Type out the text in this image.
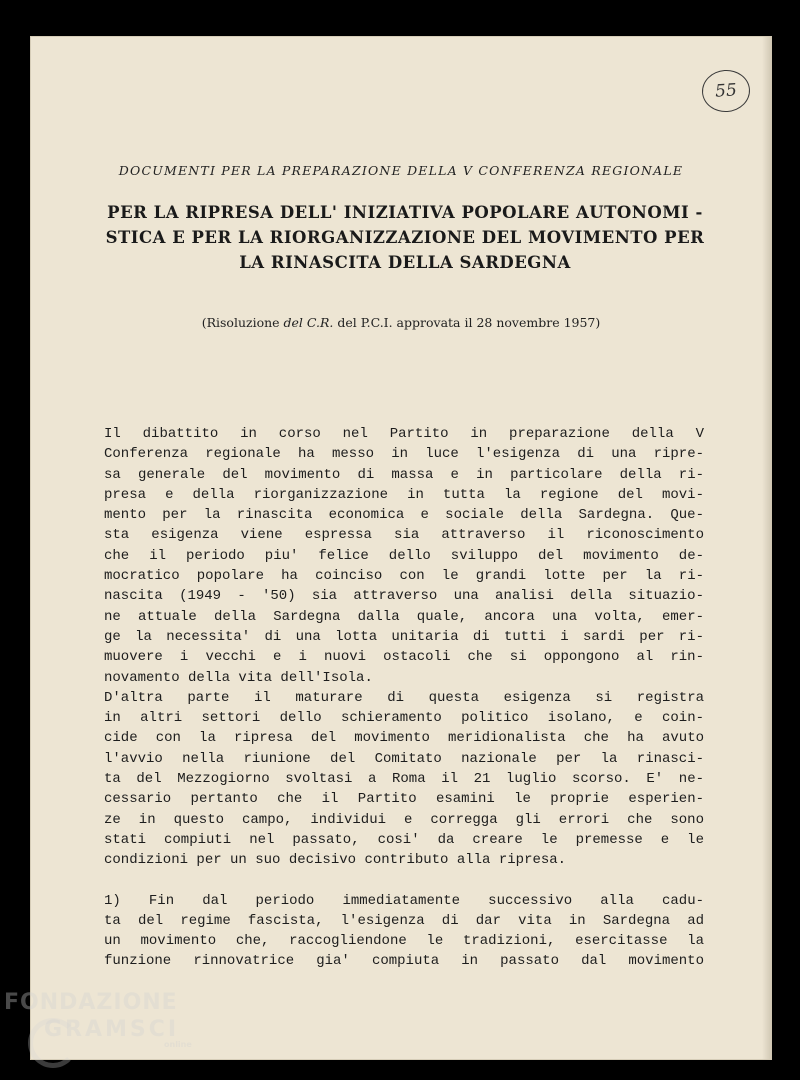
55
DOCUMENTI PER LA PREPARAZIONE DELLA V CONFERENZA REGIONALE
PER LA RIPRESA DELL' INIZIATIVA POPOLARE AUTONOMI -
STICA E PER LA RIORGANIZZAZIONE DEL MOVIMENTO PER
LA RINASCITA DELLA SARDEGNA
(Risoluzione del C.R. del P.C.I. approvata il 28 novembre 1957)
Il dibattito in corso nel Partito in preparazione della V
Conferenza regionale ha messo in luce l'esigenza di una ripre-
sa generale del movimento di massa e in particolare della ri-
presa e della riorganizzazione in tutta la regione del movi-
mento per la rinascita economica e sociale della Sardegna. Que-
sta esigenza viene espressa sia attraverso il riconoscimento
che il periodo piu' felice dello sviluppo del movimento de-
mocratico popolare ha coinciso con le grandi lotte per la ri-
nascita (1949 - '50) sia attraverso una analisi della situazio-
ne attuale della Sardegna dalla quale, ancora una volta, emer-
ge la necessita' di una lotta unitaria di tutti i sardi per ri-
muovere i vecchi e i nuovi ostacoli che si oppongono al rin-
novamento della vita dell'Isola.
D'altra parte il maturare di questa esigenza si registra
in altri settori dello schieramento politico isolano, e coin-
cide con la ripresa del movimento meridionalista che ha avuto
l'avvio nella riunione del Comitato nazionale per la rinasci-
ta del Mezzogiorno svoltasi a Roma il 21 luglio scorso. E' ne-
cessario pertanto che il Partito esamini le proprie esperien-
ze in questo campo, individui e corregga gli errori che sono
stati compiuti nel passato, cosi' da creare le premesse e le
condizioni per un suo decisivo contributo alla ripresa.
1) Fin dal periodo immediatamente successivo alla cadu-
ta del regime fascista, l'esigenza di dar vita in Sardegna ad
un movimento che, raccogliendone le tradizioni, esercitasse la
funzione rinnovatrice gia' compiuta in passato dal movimento
FONDAZIONE
GRAMSCI
online
